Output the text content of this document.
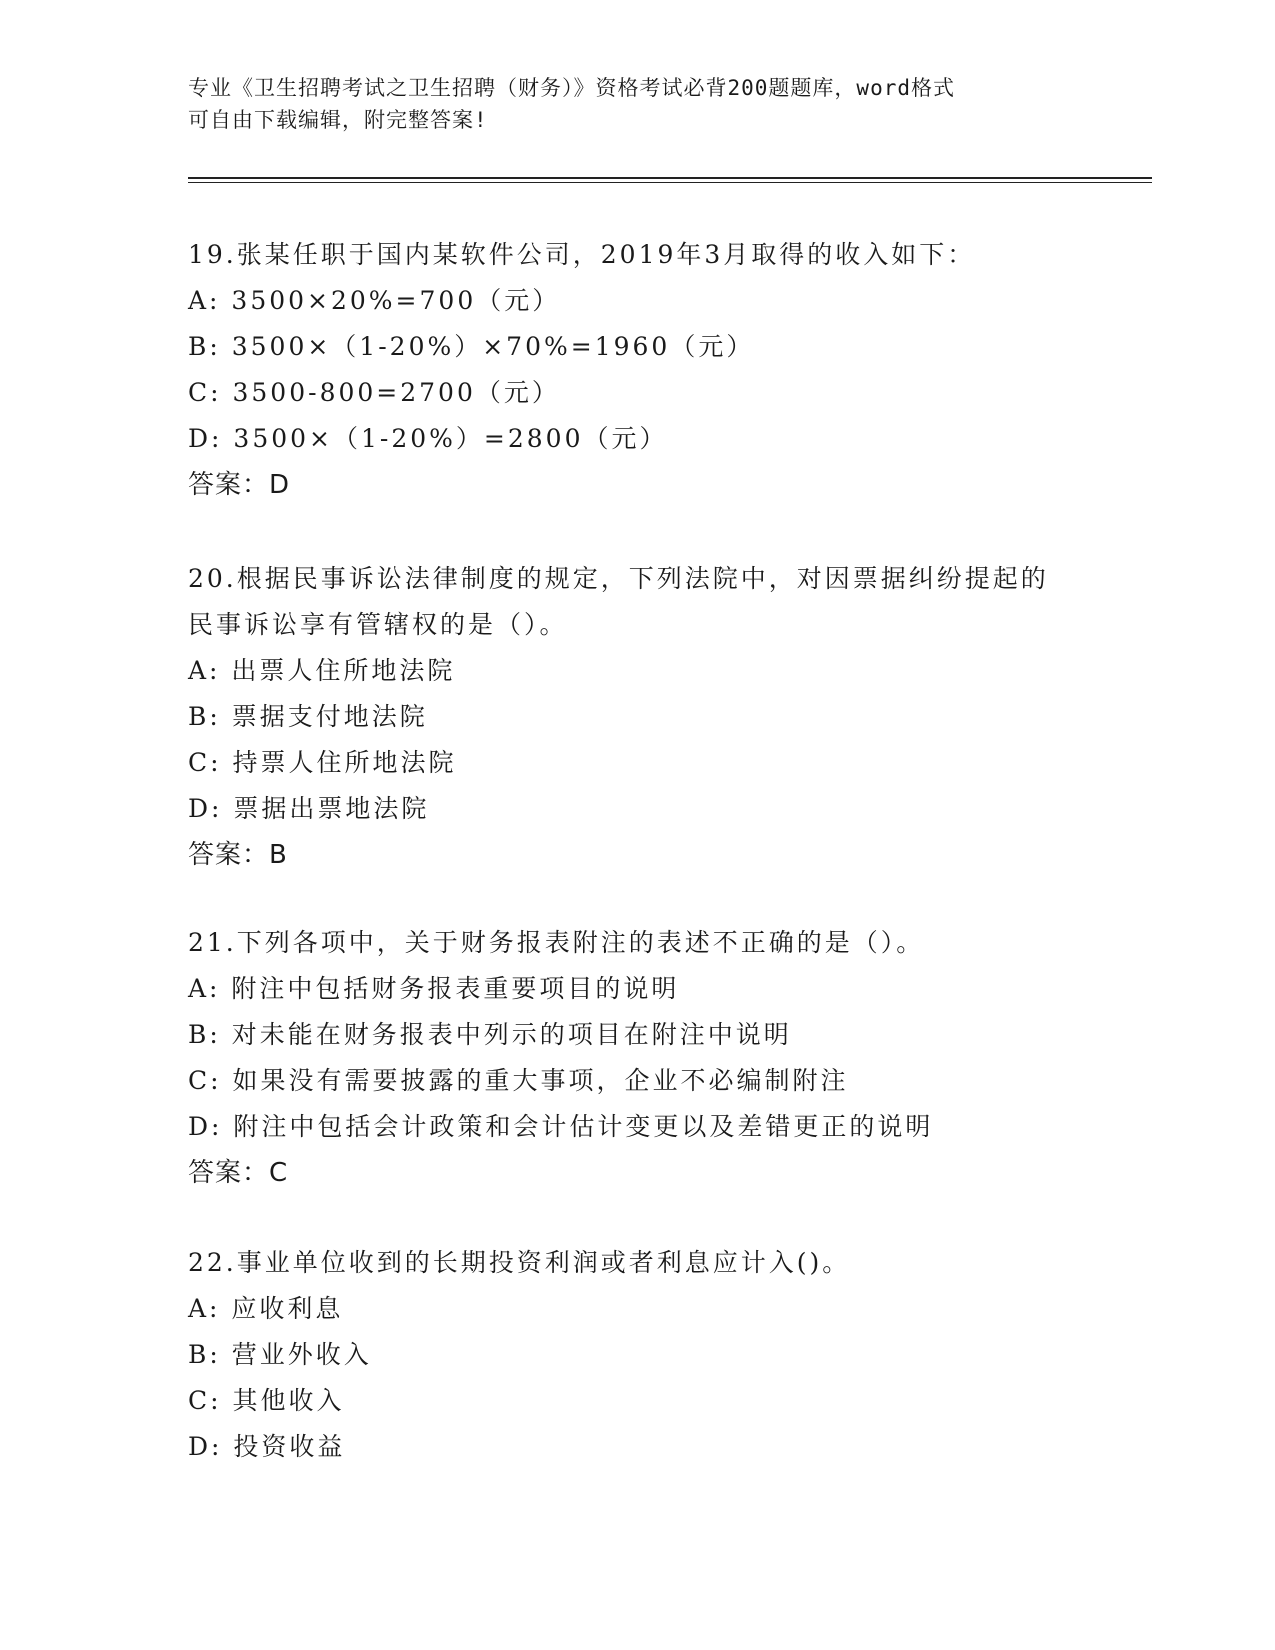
专业《卫生招聘考试之卫生招聘（财务）》资格考试必背200题题库，word格式
可自由下载编辑，附完整答案!
19.张某任职于国内某软件公司，2019年3月取得的收入如下：
A: 3500×20%=700（元）
B: 3500×（1-20%）×70%=1960（元）
C: 3500-800=2700（元）
D: 3500×（1-20%）=2800（元）
答案：D
20.根据民事诉讼法律制度的规定，下列法院中，对因票据纠纷提起的
民事诉讼享有管辖权的是（）。
A: 出票人住所地法院
B: 票据支付地法院
C: 持票人住所地法院
D: 票据出票地法院
答案：B
21.下列各项中，关于财务报表附注的表述不正确的是（）。
A: 附注中包括财务报表重要项目的说明
B: 对未能在财务报表中列示的项目在附注中说明
C: 如果没有需要披露的重大事项，企业不必编制附注
D: 附注中包括会计政策和会计估计变更以及差错更正的说明
答案：C
22.事业单位收到的长期投资利润或者利息应计入()。
A: 应收利息
B: 营业外收入
C: 其他收入
D: 投资收益
